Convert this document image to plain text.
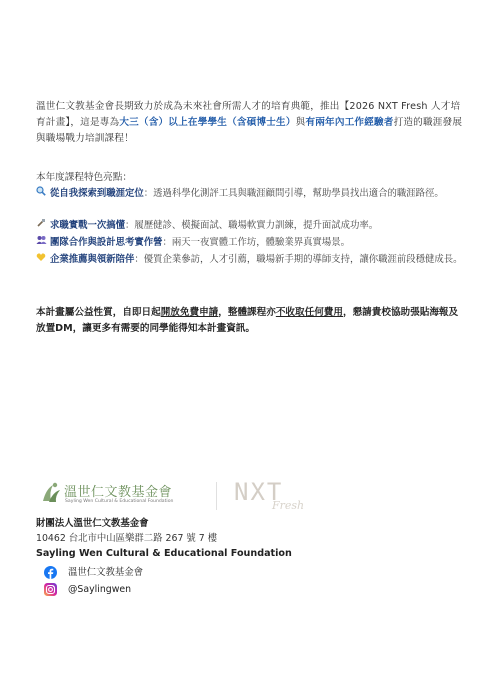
溫世仁文教基金會長期致力於成為未來社會所需人才的培育典範，推出【2026 NXT Fresh 人才培育計畫】，這是專為大三（含）以上在學學生（含碩博士生）與有兩年內工作經驗者打造的職涯發展與職場戰力培訓課程！
本年度課程特色亮點：
從自我探索到職涯定位：透過科學化測評工具與職涯顧問引導，幫助學員找出適合的職涯路徑。
求職實戰一次搞懂：履歷健診、模擬面試、職場軟實力訓練，提升面試成功率。
團隊合作與設計思考實作營：兩天一夜實體工作坊，體驗業界真實場景。
企業推薦與領新陪伴：優質企業參訪，人才引薦，職場新手期的導師支持，讓你職涯前段穩健成長。
本計畫屬公益性質，自即日起開放免費申請，整體課程亦不收取任何費用，懇請貴校協助張貼海報及放置DM，讓更多有需要的同學能得知本計畫資訊。
溫世仁文教基金會
Sayling Wen Cultural & Educational Foundation	NXT
Fresh
財團法人溫世仁文教基金會
10462 台北市中山區樂群二路 267 號 7 樓
Sayling Wen Cultural & Educational Foundation
溫世仁文教基金會
@Saylingwen
